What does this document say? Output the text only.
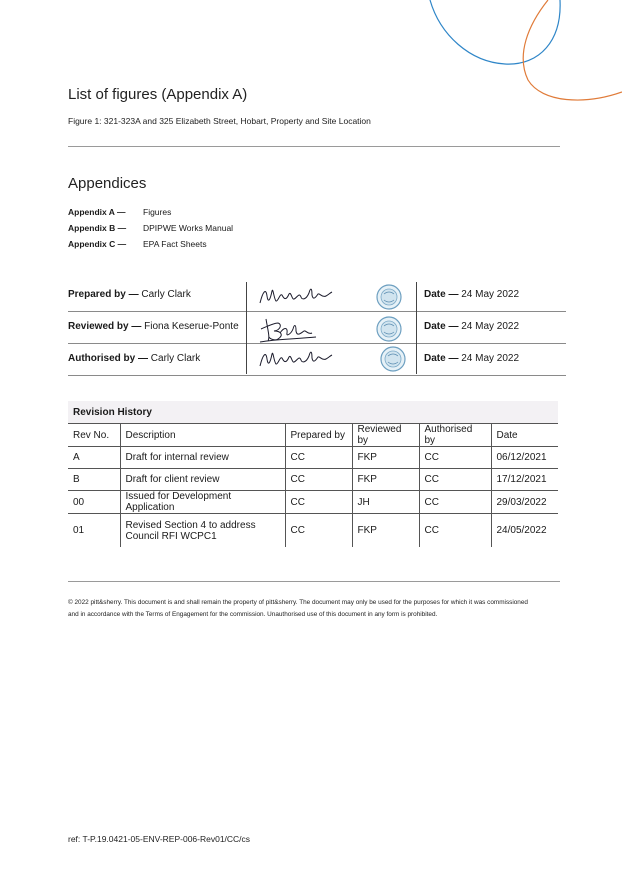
List of figures (Appendix A)
Figure 1: 321-323A and 325 Elizabeth Street, Hobart, Property and Site Location
Appendices
Appendix A — Figures
Appendix B — DPIPWE Works Manual
Appendix C — EPA Fact Sheets
Prepared by — Carly Clark	Date — 24 May 2022
Reviewed by — Fiona Keserue-Ponte	Date — 24 May 2022
Authorised by — Carly Clark	Date — 24 May 2022
Revision History					
Rev No.	Description	Prepared by	Reviewed by	Authorised by	Date
A	Draft for internal review	CC	FKP	CC	06/12/2021
B	Draft for client review	CC	FKP	CC	17/12/2021
00	Issued for Development Application	CC	JH	CC	29/03/2022
01	Revised Section 4 to address Council RFI WCPC1	CC	FKP	CC	24/05/2022
© 2022 pitt&sherry. This document is and shall remain the property of pitt&sherry. The document may only be used for the purposes for which it was commissioned and in accordance with the Terms of Engagement for the commission. Unauthorised use of this document in any form is prohibited.
ref: T-P.19.0421-05-ENV-REP-006-Rev01/CC/cs
